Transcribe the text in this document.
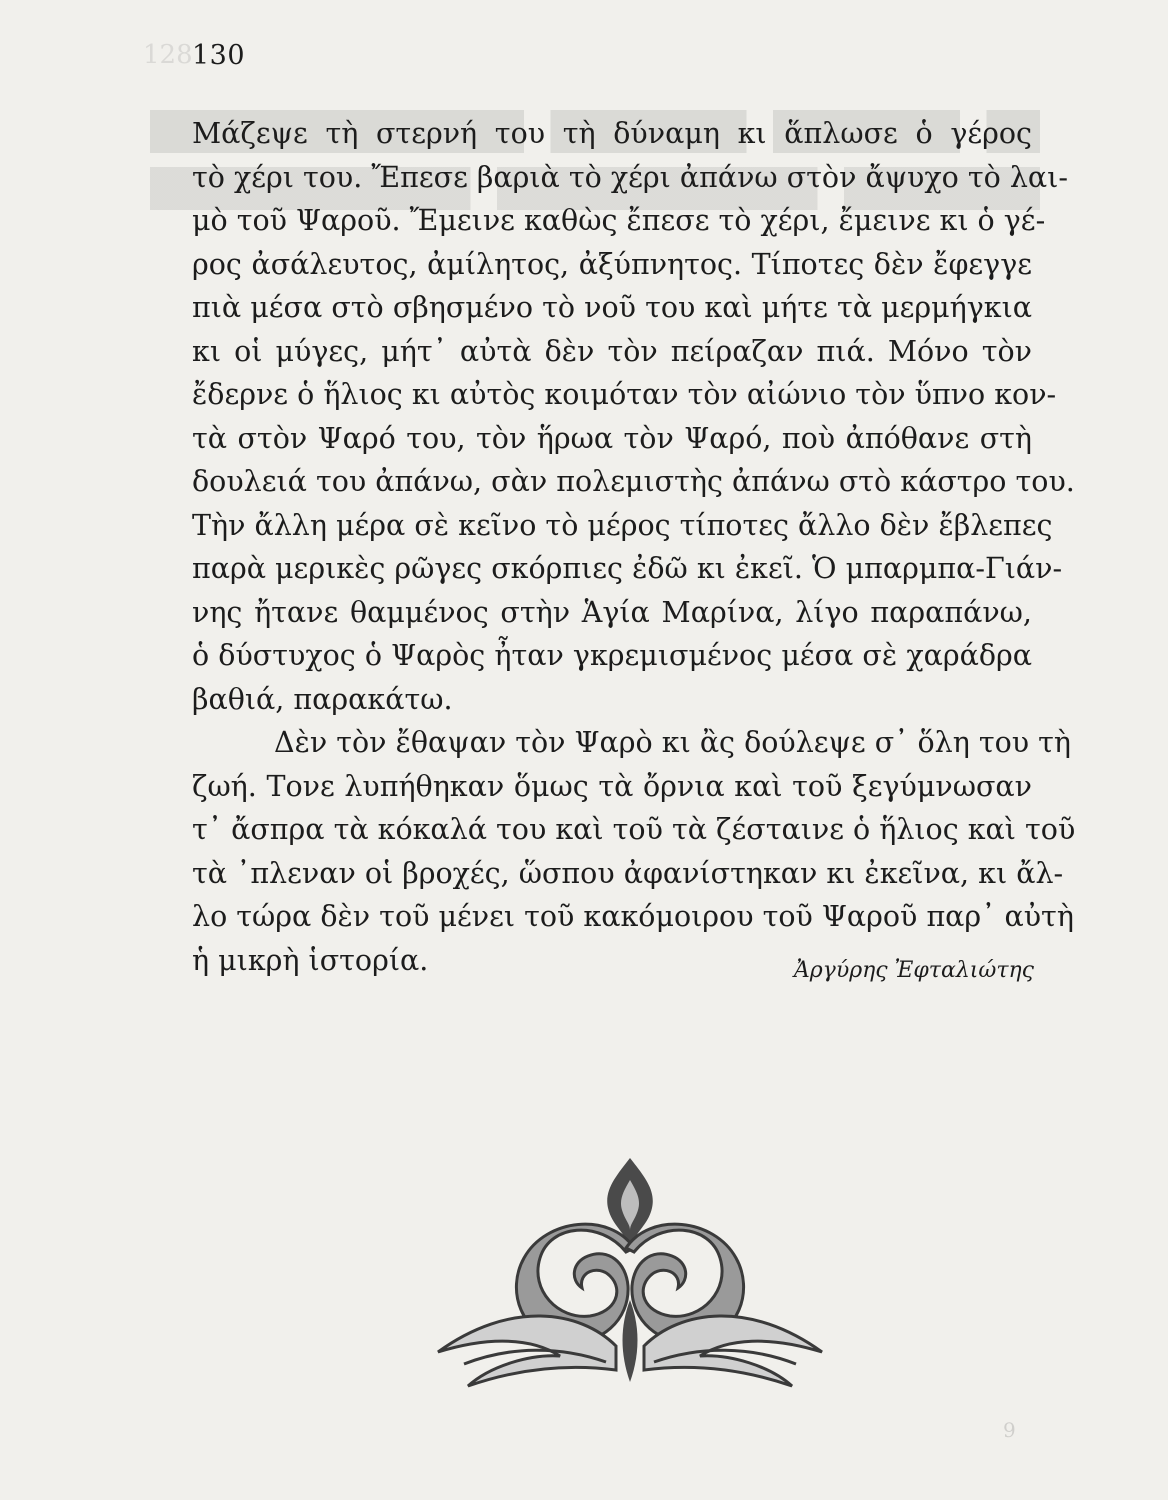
128 130
Μάζεψε τὴ στερνή του τὴ δύναμη κι ἅπλωσε ὁ γέρος
τὸ χέρι του. Ἔπεσε βαριὰ τὸ χέρι ἀπάνω στὸν ἄψυχο τὸ λαι-
μὸ τοῦ Ψαροῦ. Ἔμεινε καθὼς ἔπεσε τὸ χέρι, ἔμεινε κι ὁ γέ-
ρος ἀσάλευτος, ἀμίλητος, ἀξύπνητος. Τίποτες δὲν ἔφεγγε
πιὰ μέσα στὸ σβησμένο τὸ νοῦ του καὶ μήτε τὰ μερμήγκια
κι οἱ μύγες, μήτ᾿ αὐτὰ δὲν τὸν πείραζαν πιά. Μόνο τὸν
ἔδερνε ὁ ἥλιος κι αὐτὸς κοιμόταν τὸν αἰώνιο τὸν ὕπνο κον-
τὰ στὸν Ψαρό του, τὸν ἥρωα τὸν Ψαρό, ποὺ ἀπόθανε στὴ
δουλειά του ἀπάνω, σὰν πολεμιστὴς ἀπάνω στὸ κάστρο του.
Τὴν ἄλλη μέρα σὲ κεῖνο τὸ μέρος τίποτες ἄλλο δὲν ἔβλεπες
παρὰ μερικὲς ρῶγες σκόρπιες ἐδῶ κι ἐκεῖ. Ὁ μπαρμπα-Γιάν-
νης ἤτανε θαμμένος στὴν Ἁγία Μαρίνα, λίγο παραπάνω,
ὁ δύστυχος ὁ Ψαρὸς ἦταν γκρεμισμένος μέσα σὲ χαράδρα
βαθιά, παρακάτω.
Δὲν τὸν ἔθαψαν τὸν Ψαρὸ κι ἂς δούλεψε σ᾿ ὅλη του τὴ
ζωή. Τονε λυπήθηκαν ὅμως τὰ ὄρνια καὶ τοῦ ξεγύμνωσαν
τ᾿ ἄσπρα τὰ κόκαλά του καὶ τοῦ τὰ ζέσταινε ὁ ἥλιος καὶ τοῦ
τὰ ᾿πλεναν οἱ βροχές, ὥσπου ἀφανίστηκαν κι ἐκεῖνα, κι ἄλ-
λο τώρα δὲν τοῦ μένει τοῦ κακόμοιρου τοῦ Ψαροῦ παρ᾿ αὐτὴ
ἡ μικρὴ ἱστορία.	Ἀργύρης Ἐφταλιώτης
9
